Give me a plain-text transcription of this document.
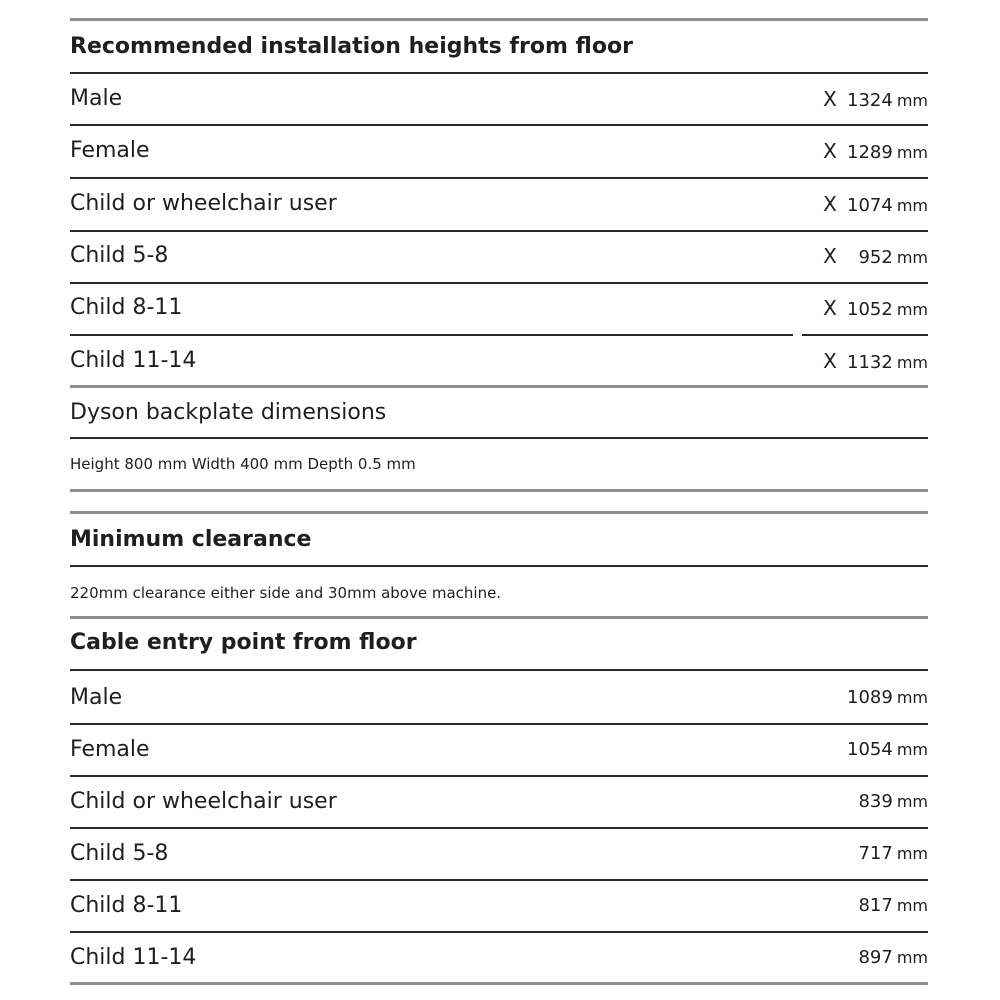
Recommended installation heights from floor
Male	X 1324 mm
Female	X 1289 mm
Child or wheelchair user	X 1074 mm
Child 5-8	X 952 mm
Child 8-11	X 1052 mm
Child 11-14	X 1132 mm
Dyson backplate dimensions
Height 800 mm Width 400 mm Depth 0.5 mm
Minimum clearance
220mm clearance either side and 30mm above machine.
Cable entry point from floor
Male	1089 mm
Female	1054 mm
Child or wheelchair user	839 mm
Child 5-8	717 mm
Child 8-11	817 mm
Child 11-14	897 mm
